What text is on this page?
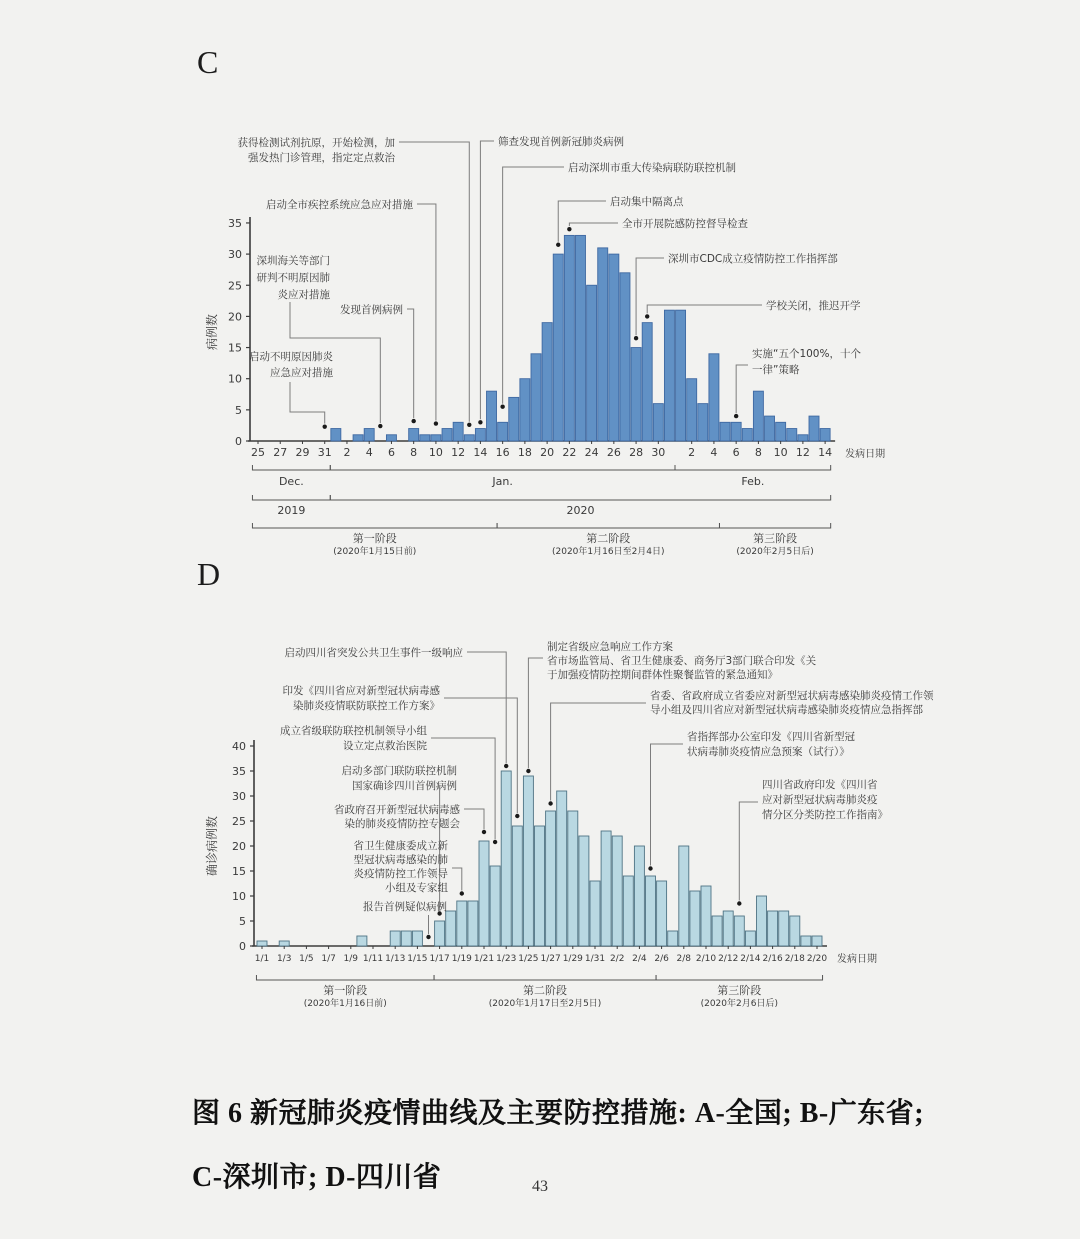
C
0
5
10
15
20
25
30
35
病例数
25 27 29 31 2 4 6 8 10 12 14 16 18 20 22 24 26 28 30 2 4 6 8 10 12 14 发病日期
获得检测试剂抗原，开始检测，加
强发热门诊管理，指定定点救治
启动全市疾控系统应急应对措施
深圳海关等部门
研判不明原因肺
炎应对措施
发现首例病例
启动不明原因肺炎
应急应对措施
筛查发现首例新冠肺炎病例
启动深圳市重大传染病联防联控机制
启动集中隔离点
全市开展院感防控督导检查
深圳市CDC成立疫情防控工作指挥部
学校关闭，推迟开学
实施“五个100%，十个
一律”策略
Dec.	Jan.	Feb.
2019	2020
第一阶段
(2020年1月15日前)
第二阶段
(2020年1月16日至2月4日)
第三阶段
(2020年2月5日后)
D
0
5
10
15
20
25
30
35
40
确诊病例数
1/1 1/3 1/5 1/7 1/9 1/11 1/13 1/15 1/17 1/19 1/21 1/23 1/25 1/27 1/29 1/31 2/2 2/4 2/6 2/8 2/10 2/12 2/14 2/16 2/18 2/20 发病日期
启动四川省突发公共卫生事件一级响应
印发《四川省应对新型冠状病毒感
染肺炎疫情联防联控工作方案》
成立省级联防联控机制领导小组
设立定点救治医院
启动多部门联防联控机制
国家确诊四川首例病例
省政府召开新型冠状病毒感
染的肺炎疫情防控专题会
省卫生健康委成立新
型冠状病毒感染的肺
炎疫情防控工作领导
小组及专家组
报告首例疑似病例
制定省级应急响应工作方案
省市场监管局、省卫生健康委、商务厅3部门联合印发《关
于加强疫情防控期间群体性聚餐监管的紧急通知》
省委、省政府成立省委应对新型冠状病毒感染肺炎疫情工作领
导小组及四川省应对新型冠状病毒感染肺炎疫情应急指挥部
省指挥部办公室印发《四川省新型冠
状病毒肺炎疫情应急预案（试行）》
四川省政府印发《四川省
应对新型冠状病毒肺炎疫
情分区分类防控工作指南》
第一阶段
(2020年1月16日前)
第二阶段
(2020年1月17日至2月5日)
第三阶段
(2020年2月6日后)
图 6 新冠肺炎疫情曲线及主要防控措施: A-全国; B-广东省;
C-深圳市; D-四川省	43
